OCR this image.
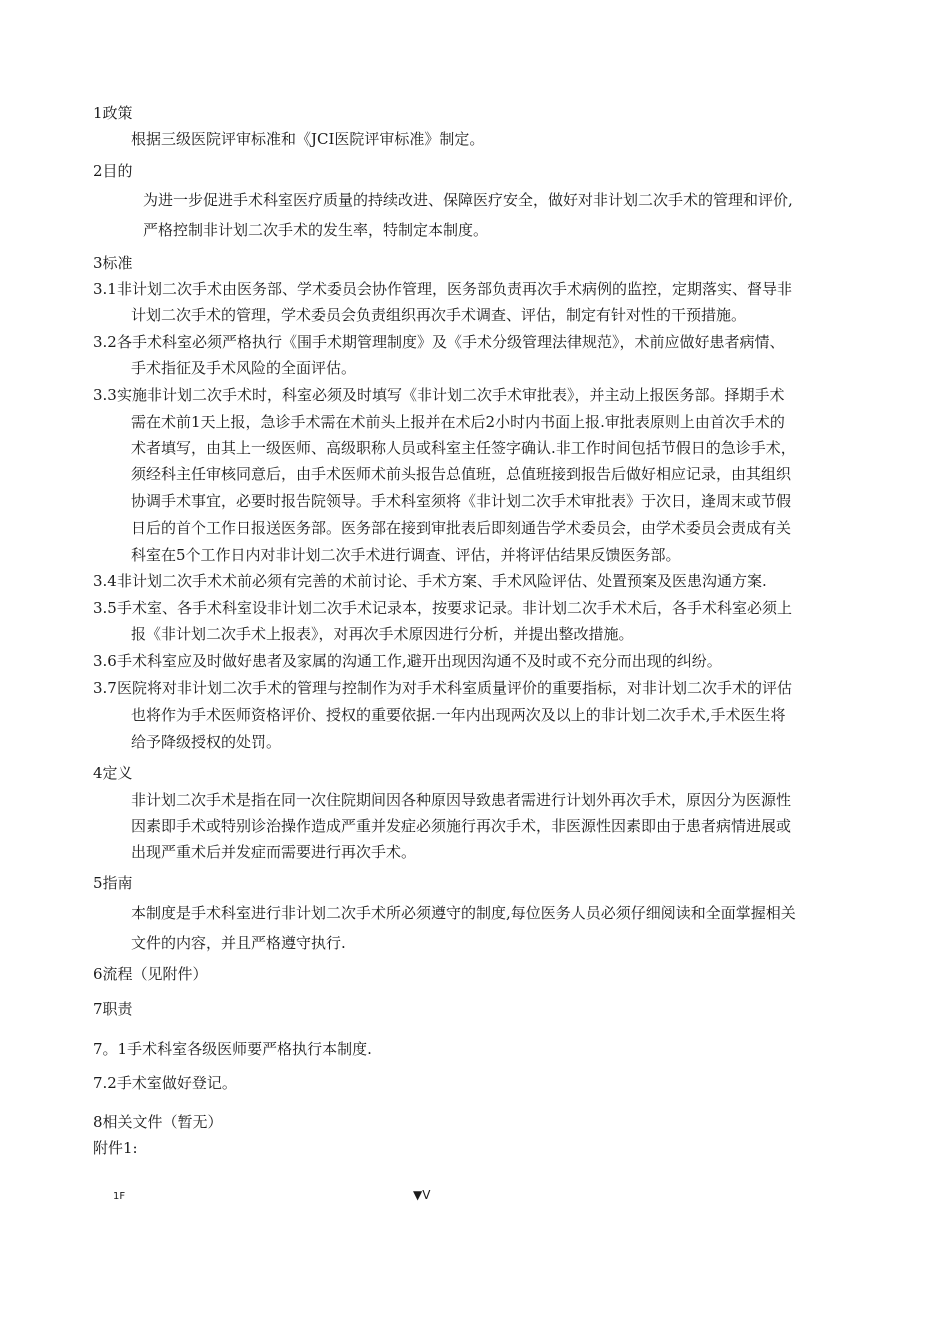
1政策
根据三级医院评审标准和《JCI医院评审标准》制定。
2目的
为进一步促进手术科室医疗质量的持续改进、保障医疗安全，做好对非计划二次手术的管理和评价,
严格控制非计划二次手术的发生率，特制定本制度。
3标准
3.1 非计划二次手术由医务部、学术委员会协作管理，医务部负责再次手术病例的监控，定期落实、督导非
计划二次手术的管理，学术委员会负责组织再次手术调查、评估，制定有针对性的干预措施。
3.2 各手术科室必须严格执行《围手术期管理制度》及《手术分级管理法律规范》，术前应做好患者病情、
手术指征及手术风险的全面评估。
3.3 实施非计划二次手术时，科室必须及时填写《非计划二次手术审批表》，并主动上报医务部。择期手术
需在术前1天上报，急诊手术需在术前头上报并在术后2小时内书面上报.审批表原则上由首次手术的
术者填写，由其上一级医师、高级职称人员或科室主任签字确认.非工作时间包括节假日的急诊手术，
须经科主任审核同意后，由手术医师术前头报告总值班，总值班接到报告后做好相应记录，由其组织
协调手术事宜，必要时报告院领导。手术科室须将《非计划二次手术审批表》于次日，逢周末或节假
日后的首个工作日报送医务部。医务部在接到审批表后即刻通告学术委员会，由学术委员会责成有关
科室在5个工作日内对非计划二次手术进行调查、评估，并将评估结果反馈医务部。
3.4 非计划二次手术术前必须有完善的术前讨论、手术方案、手术风险评估、处置预案及医患沟通方案.
3.5 手术室、各手术科室设非计划二次手术记录本，按要求记录。非计划二次手术术后，各手术科室必须上
报《非计划二次手术上报表》，对再次手术原因进行分析，并提出整改措施。
3.6 手术科室应及时做好患者及家属的沟通工作,避开出现因沟通不及时或不充分而出现的纠纷。
3.7 医院将对非计划二次手术的管理与控制作为对手术科室质量评价的重要指标，对非计划二次手术的评估
也将作为手术医师资格评价、授权的重要依据.一年内出现两次及以上的非计划二次手术,手术医生将
给予降级授权的处罚。
4定义
非计划二次手术是指在同一次住院期间因各种原因导致患者需进行计划外再次手术，原因分为医源性
因素即手术或特别诊治操作造成严重并发症必须施行再次手术，非医源性因素即由于患者病情进展或
出现严重术后并发症而需要进行再次手术。
5指南
本制度是手术科室进行非计划二次手术所必须遵守的制度,每位医务人员必须仔细阅读和全面掌握相关
文件的内容，并且严格遵守执行.
6流程（见附件）
7职责
7。1手术科室各级医师要严格执行本制度.
7.2手术室做好登记。
8相关文件（暂无）
附件1:
1F	▼V
